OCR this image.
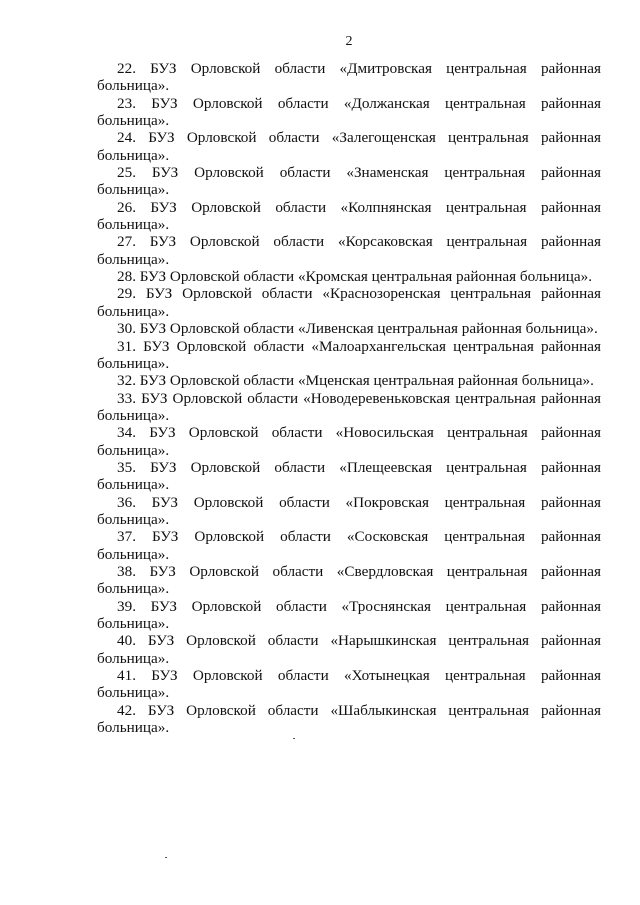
2
22. БУЗ Орловской области «Дмитровская центральная районная
больница».
23. БУЗ Орловской области «Должанская центральная районная
больница».
24. БУЗ Орловской области «Залегощенская центральная районная
больница».
25. БУЗ Орловской области «Знаменская центральная районная
больница».
26. БУЗ Орловской области «Колпнянская центральная районная
больница».
27. БУЗ Орловской области «Корсаковская центральная районная
больница».
28. БУЗ Орловской области «Кромская центральная районная больница».
29. БУЗ Орловской области «Краснозоренская центральная районная
больница».
30. БУЗ Орловской области «Ливенская центральная районная больница».
31. БУЗ Орловской области «Малоархангельская центральная районная
больница».
32. БУЗ Орловской области «Мценская центральная районная больница».
33. БУЗ Орловской области «Новодеревеньковская центральная районная
больница».
34. БУЗ Орловской области «Новосильская центральная районная
больница».
35. БУЗ Орловской области «Плещеевская центральная районная
больница».
36. БУЗ Орловской области «Покровская центральная районная
больница».
37. БУЗ Орловской области «Сосковская центральная районная
больница».
38. БУЗ Орловской области «Свердловская центральная районная
больница».
39. БУЗ Орловской области «Троснянская центральная районная
больница».
40. БУЗ Орловской области «Нарышкинская центральная районная
больница».
41. БУЗ Орловской области «Хотынецкая центральная районная
больница».
42. БУЗ Орловской области «Шаблыкинская центральная районная
больница».
